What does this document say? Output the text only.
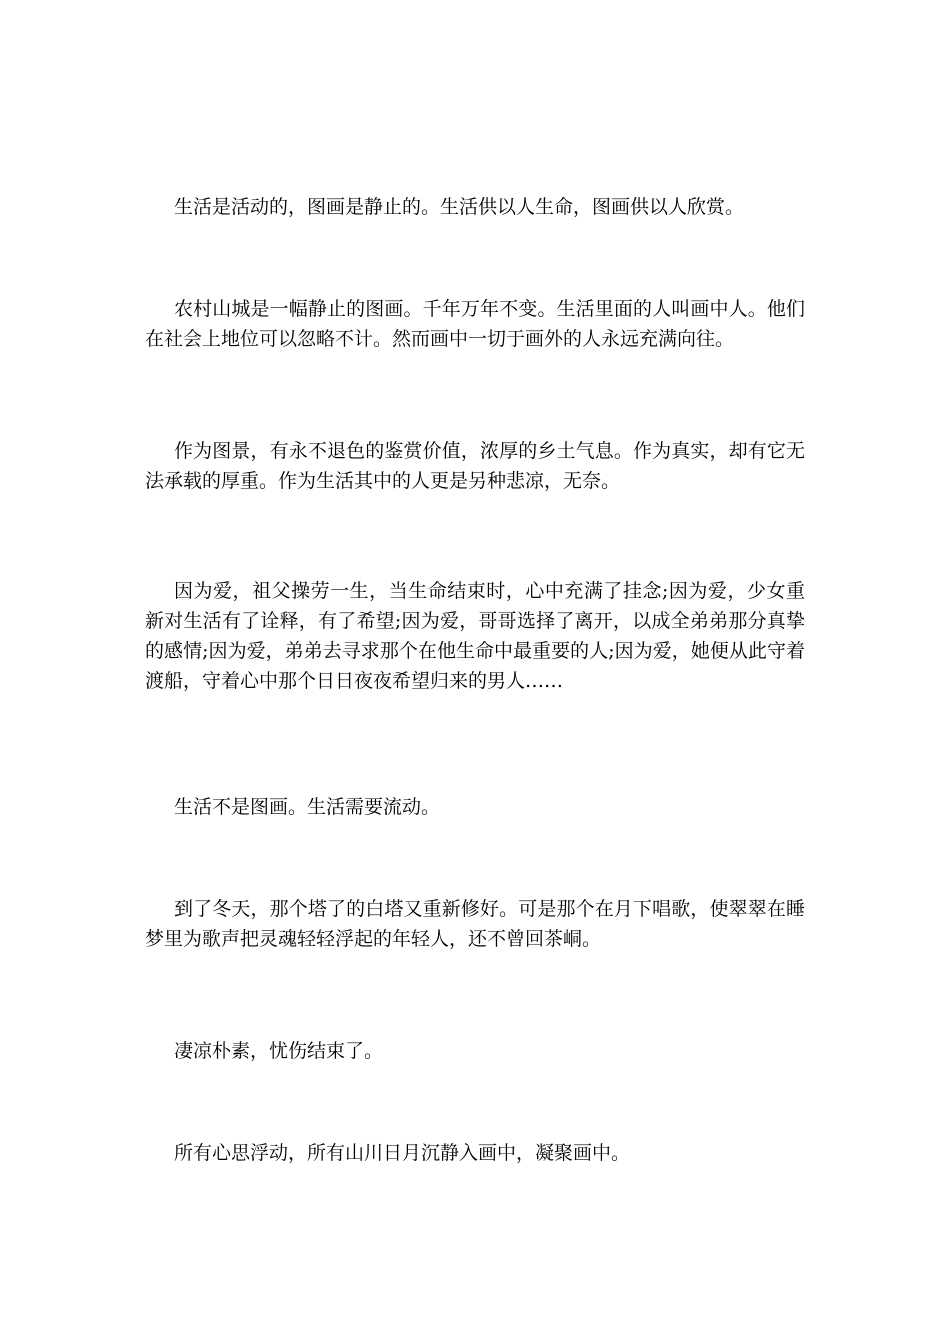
生活是活动的，图画是静止的。生活供以人生命，图画供以人欣赏。

农村山城是一幅静止的图画。千年万年不变。生活里面的人叫画中人。他们在社会上地位可以忽略不计。然而画中一切于画外的人永远充满向往。

作为图景，有永不退色的鉴赏价值，浓厚的乡土气息。作为真实，却有它无法承载的厚重。作为生活其中的人更是另种悲凉，无奈。

因为爱，祖父操劳一生，当生命结束时，心中充满了挂念;因为爱，少女重新对生活有了诠释，有了希望;因为爱，哥哥选择了离开，以成全弟弟那分真挚的感情;因为爱，弟弟去寻求那个在他生命中最重要的人;因为爱，她便从此守着渡船，守着心中那个日日夜夜希望归来的男人……

生活不是图画。生活需要流动。

到了冬天，那个塔了的白塔又重新修好。可是那个在月下唱歌，使翠翠在睡梦里为歌声把灵魂轻轻浮起的年轻人，还不曾回茶峒。

凄凉朴素，忧伤结束了。

所有心思浮动，所有山川日月沉静入画中，凝聚画中。
